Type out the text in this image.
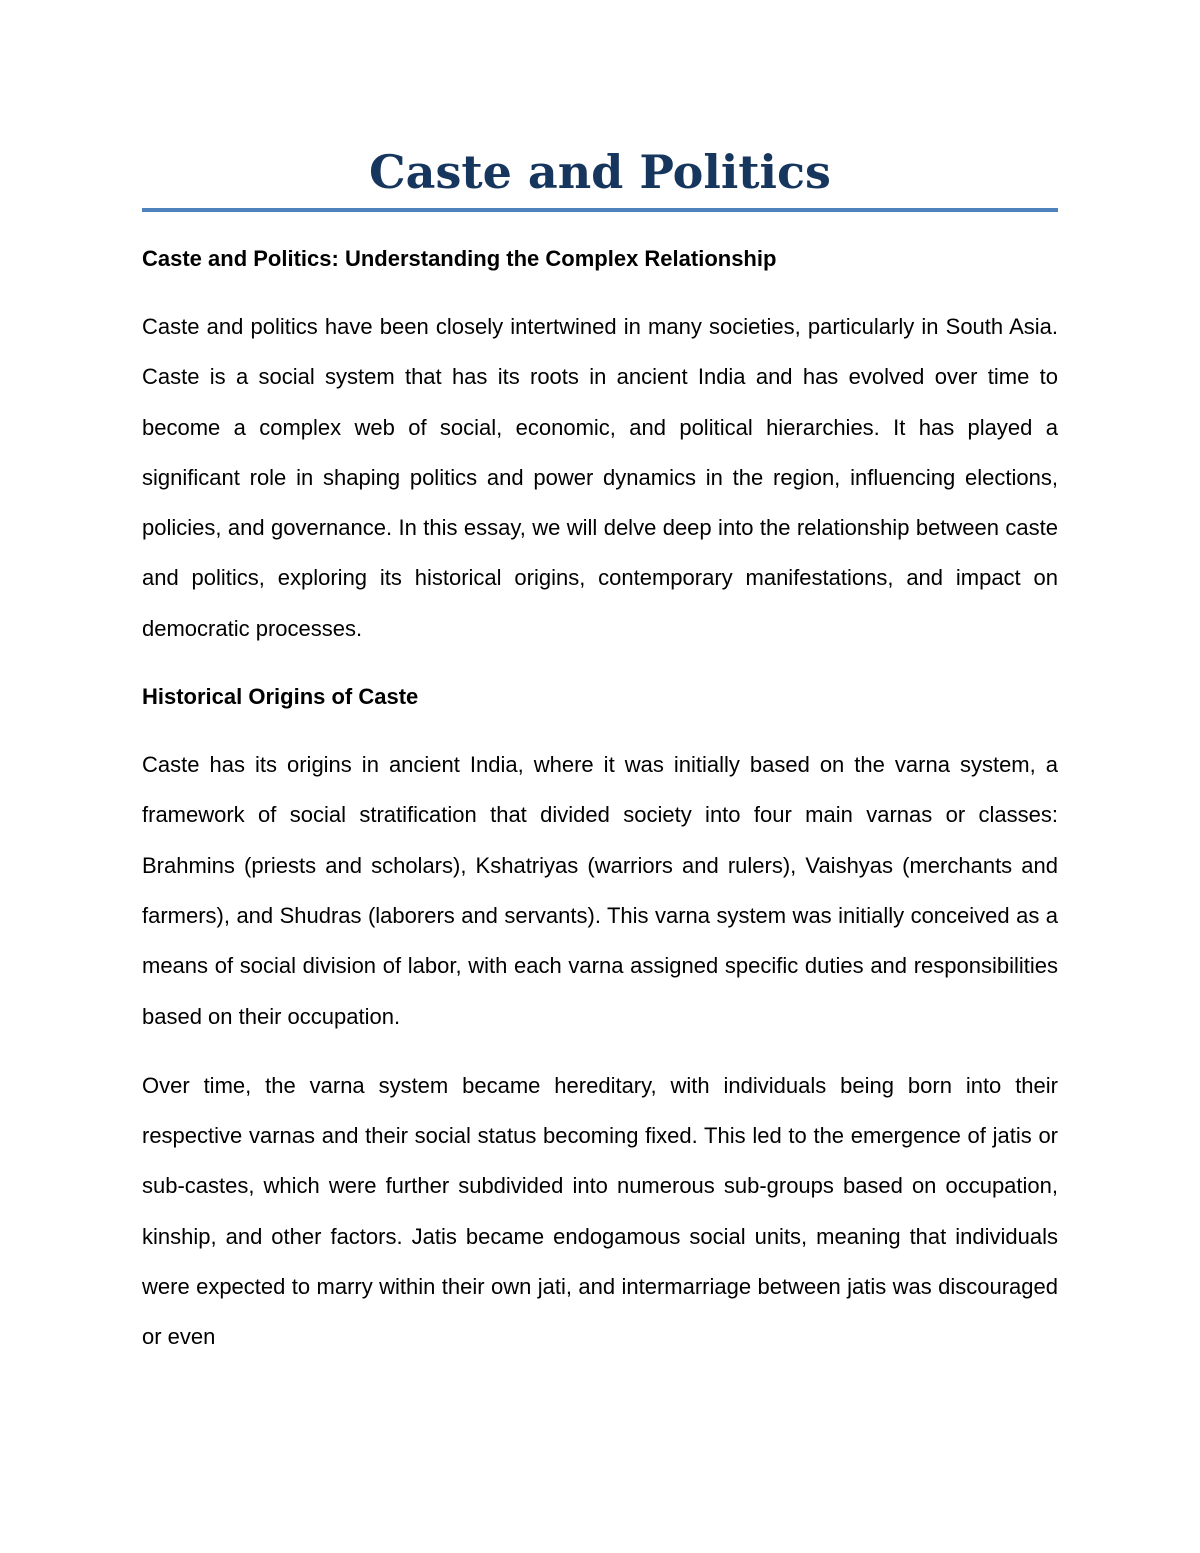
Caste and Politics
Caste and Politics: Understanding the Complex Relationship

Caste and politics have been closely intertwined in many societies, particularly in South Asia. Caste is a social system that has its roots in ancient India and has evolved over time to become a complex web of social, economic, and political hierarchies. It has played a significant role in shaping politics and power dynamics in the region, influencing elections, policies, and governance. In this essay, we will delve deep into the relationship between caste and politics, exploring its historical origins, contemporary manifestations, and impact on democratic processes.

Historical Origins of Caste

Caste has its origins in ancient India, where it was initially based on the varna system, a framework of social stratification that divided society into four main varnas or classes: Brahmins (priests and scholars), Kshatriyas (warriors and rulers), Vaishyas (merchants and farmers), and Shudras (laborers and servants). This varna system was initially conceived as a means of social division of labor, with each varna assigned specific duties and responsibilities based on their occupation.

Over time, the varna system became hereditary, with individuals being born into their respective varnas and their social status becoming fixed. This led to the emergence of jatis or sub-castes, which were further subdivided into numerous sub-groups based on occupation, kinship, and other factors. Jatis became endogamous social units, meaning that individuals were expected to marry within their own jati, and intermarriage between jatis was discouraged or even
